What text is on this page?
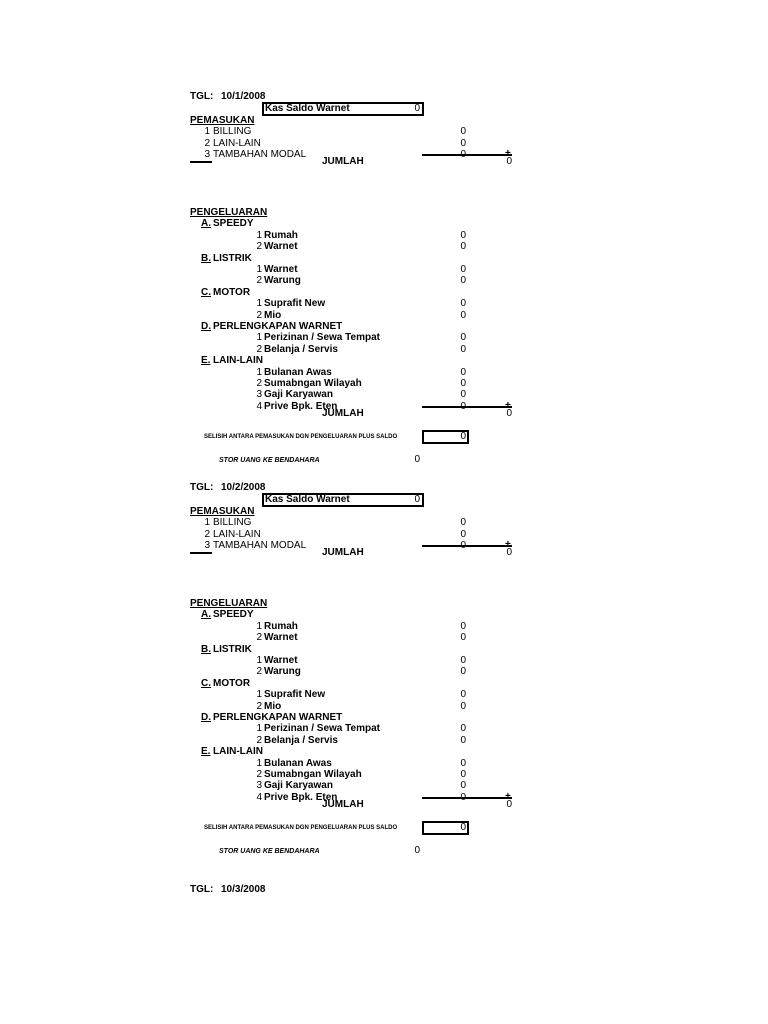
TGL: 10/1/2008
Kas Saldo Warnet	0
PEMASUKAN
1 BILLING	0
2 LAIN-LAIN	0
3 TAMBAHAN MODAL	0	+
JUMLAH	0
PENGELUARAN
A. SPEEDY
1 Rumah	0
2 Warnet	0
B. LISTRIK
1 Warnet	0
2 Warung	0
C. MOTOR
1 Suprafit New	0
2 Mio	0
D. PERLENGKAPAN WARNET
1 Perizinan / Sewa Tempat	0
2 Belanja / Servis	0
E. LAIN-LAIN
1 Bulanan Awas	0
2 Sumabngan Wilayah	0
3 Gaji Karyawan	0
4 Prive Bpk. Eten	0	+
JUMLAH	0
SELISIH ANTARA PEMASUKAN DGN PENGELUARAN PLUS SALDO	0
STOR UANG KE BENDAHARA	0
TGL: 10/2/2008
Kas Saldo Warnet	0
PEMASUKAN
1 BILLING	0
2 LAIN-LAIN	0
3 TAMBAHAN MODAL	0	+
JUMLAH	0
PENGELUARAN
A. SPEEDY
1 Rumah	0
2 Warnet	0
B. LISTRIK
1 Warnet	0
2 Warung	0
C. MOTOR
1 Suprafit New	0
2 Mio	0
D. PERLENGKAPAN WARNET
1 Perizinan / Sewa Tempat	0
2 Belanja / Servis	0
E. LAIN-LAIN
1 Bulanan Awas	0
2 Sumabngan Wilayah	0
3 Gaji Karyawan	0
4 Prive Bpk. Eten	0	+
JUMLAH	0
SELISIH ANTARA PEMASUKAN DGN PENGELUARAN PLUS SALDO	0
STOR UANG KE BENDAHARA	0
TGL: 10/3/2008
